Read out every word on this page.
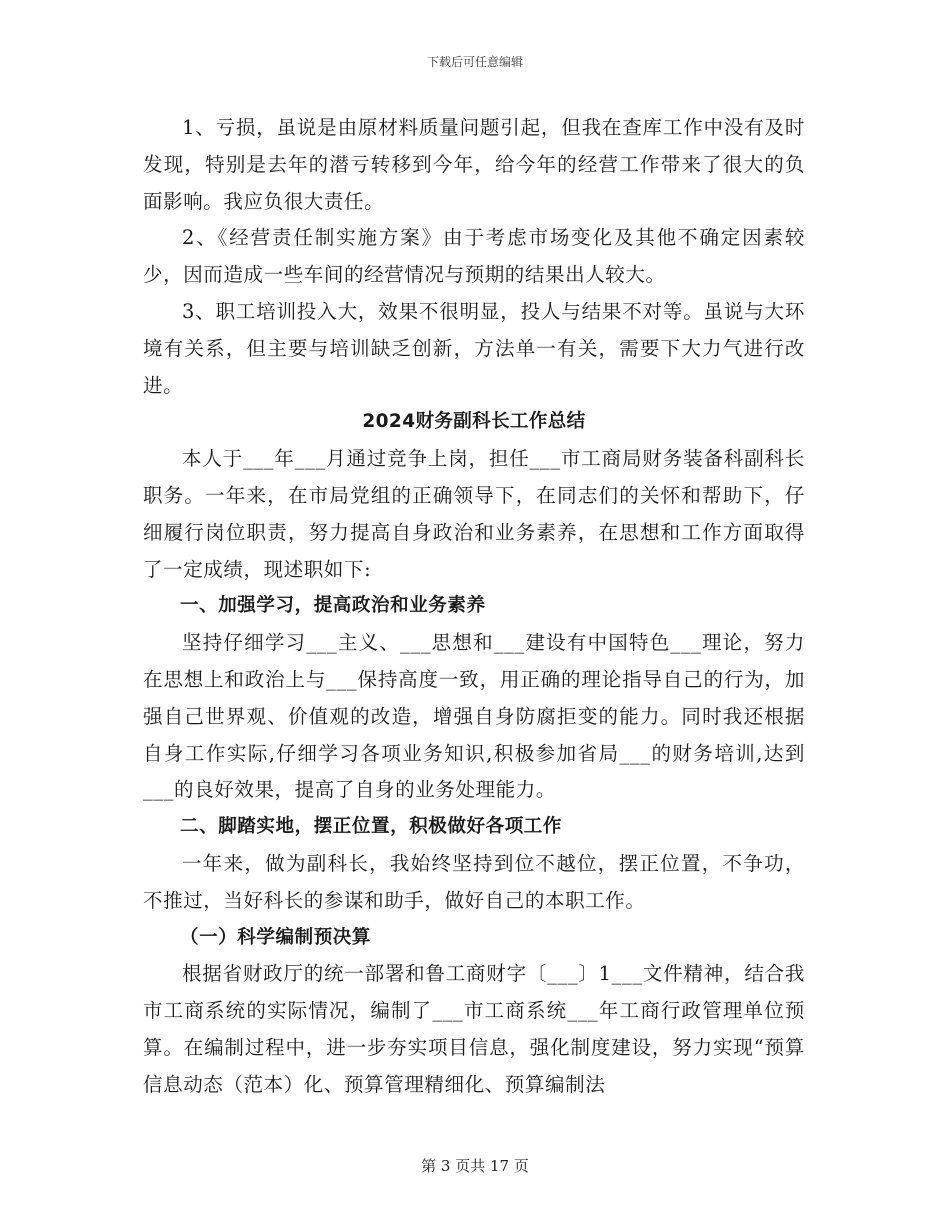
下载后可任意编辑

1、亏损，虽说是由原材料质量问题引起，但我在查库工作中没有及时发现，特别是去年的潜亏转移到今年，给今年的经营工作带来了很大的负面影响。我应负很大责任。

2、《经营责任制实施方案》由于考虑市场变化及其他不确定因素较少，因而造成一些车间的经营情况与预期的结果出人较大。

3、职工培训投入大，效果不很明显，投人与结果不对等。虽说与大环境有关系，但主要与培训缺乏创新，方法单一有关，需要下大力气进行改进。

2024财务副科长工作总结

本人于___年___月通过竞争上岗，担任___市工商局财务装备科副科长职务。一年来，在市局党组的正确领导下，在同志们的关怀和帮助下，仔细履行岗位职责，努力提高自身政治和业务素养，在思想和工作方面取得了一定成绩，现述职如下:

一、加强学习，提高政治和业务素养

坚持仔细学习___主义、___思想和___建设有中国特色___理论，努力在思想上和政治上与___保持高度一致，用正确的理论指导自己的行为，加强自己世界观、价值观的改造，增强自身防腐拒变的能力。同时我还根据自身工作实际,仔细学习各项业务知识,积极参加省局___的财务培训,达到___的良好效果，提高了自身的业务处理能力。

二、脚踏实地，摆正位置，积极做好各项工作

一年来，做为副科长，我始终坚持到位不越位，摆正位置，不争功，不推过，当好科长的参谋和助手，做好自己的本职工作。

（一）科学编制预决算

根据省财政厅的统一部署和鲁工商财字〔___〕1___文件精神，结合我市工商系统的实际情况，编制了___市工商系统___年工商行政管理单位预算。在编制过程中，进一步夯实项目信息，强化制度建设，努力实现“预算信息动态（范本）化、预算管理精细化、预算编制法

第 3 页共 17 页
